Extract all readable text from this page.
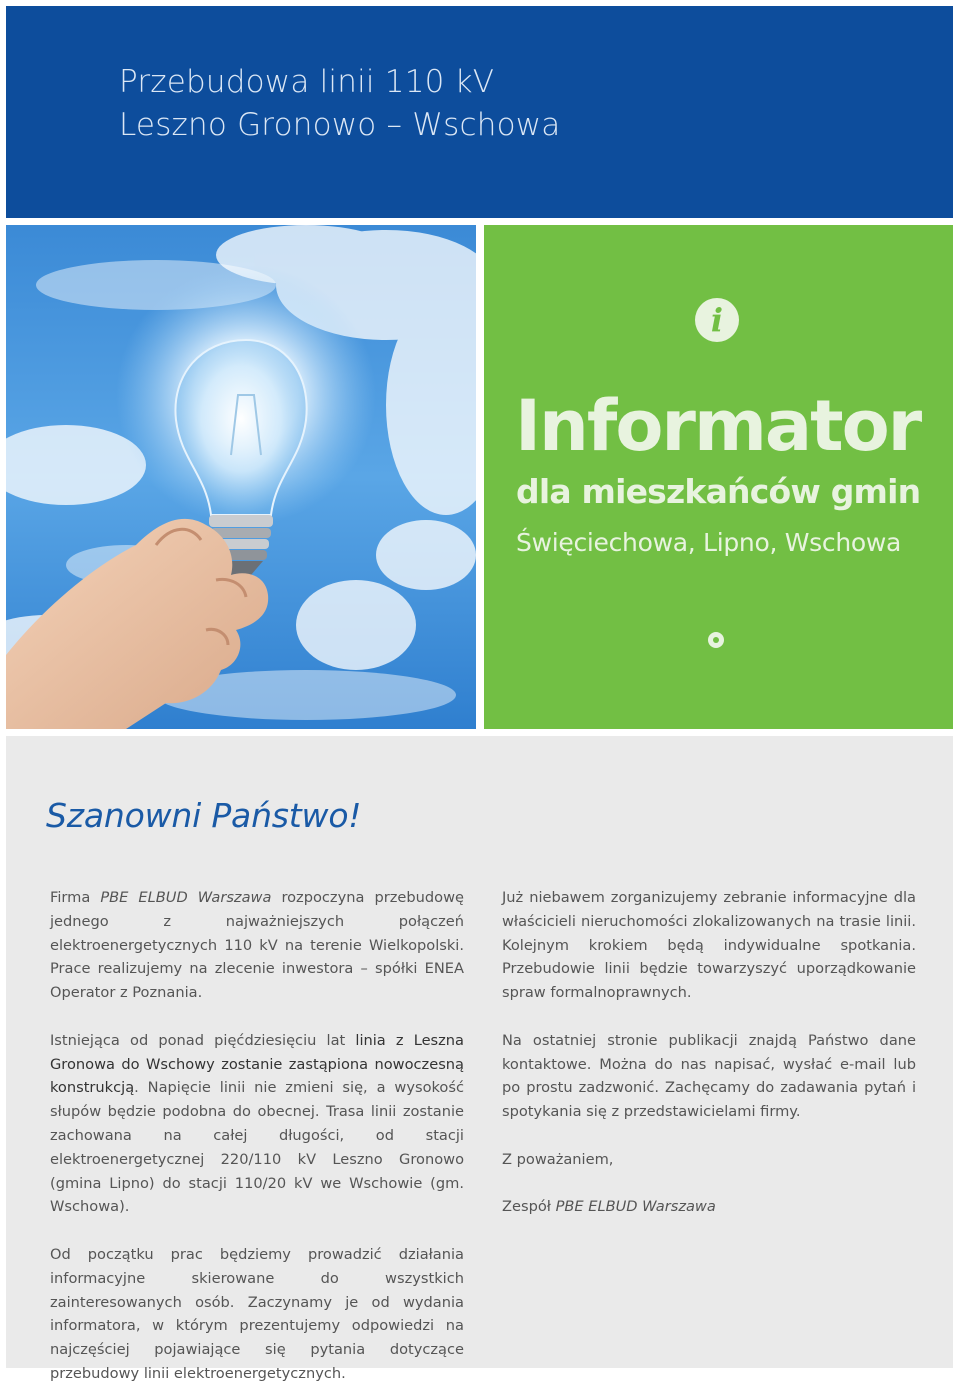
Przebudowa linii 110 kV
Leszno Gronowo – Wschowa
i
Informator
dla mieszkańców gmin
Święciechowa, Lipno, Wschowa
Szanowni Państwo!

Firma PBE ELBUD Warszawa rozpoczyna przebudowę jednego z najważniejszych połączeń elektroenergetycznych 110 kV na terenie Wielkopolski. Prace realizujemy na zlecenie inwestora – spółki ENEA Operator z Poznania.

Istniejąca od ponad pięćdziesięciu lat linia z Leszna Gronowa do Wschowy zostanie zastąpiona nowoczesną konstrukcją. Napięcie linii nie zmieni się, a wysokość słupów będzie podobna do obecnej. Trasa linii zostanie zachowana na całej długości, od stacji elektroenergetycznej 220/110 kV Leszno Gronowo (gmina Lipno) do stacji 110/20 kV we Wschowie (gm. Wschowa).

Od początku prac będziemy prowadzić działania informacyjne skierowane do wszystkich zainteresowanych osób. Zaczynamy je od wydania informatora, w którym prezentujemy odpowiedzi na najczęściej pojawiające się pytania dotyczące przebudowy linii elektroenergetycznych.

Już niebawem zorganizujemy zebranie informacyjne dla właścicieli nieruchomości zlokalizowanych na trasie linii. Kolejnym krokiem będą indywidualne spotkania. Przebudowie linii będzie towarzyszyć uporządkowanie spraw formalnoprawnych.

Na ostatniej stronie publikacji znajdą Państwo dane kontaktowe. Można do nas napisać, wysłać e-mail lub po prostu zadzwonić. Zachęcamy do zadawania pytań i spotykania się z przedstawicielami firmy.

Z poważaniem,

Zespół PBE ELBUD Warszawa
